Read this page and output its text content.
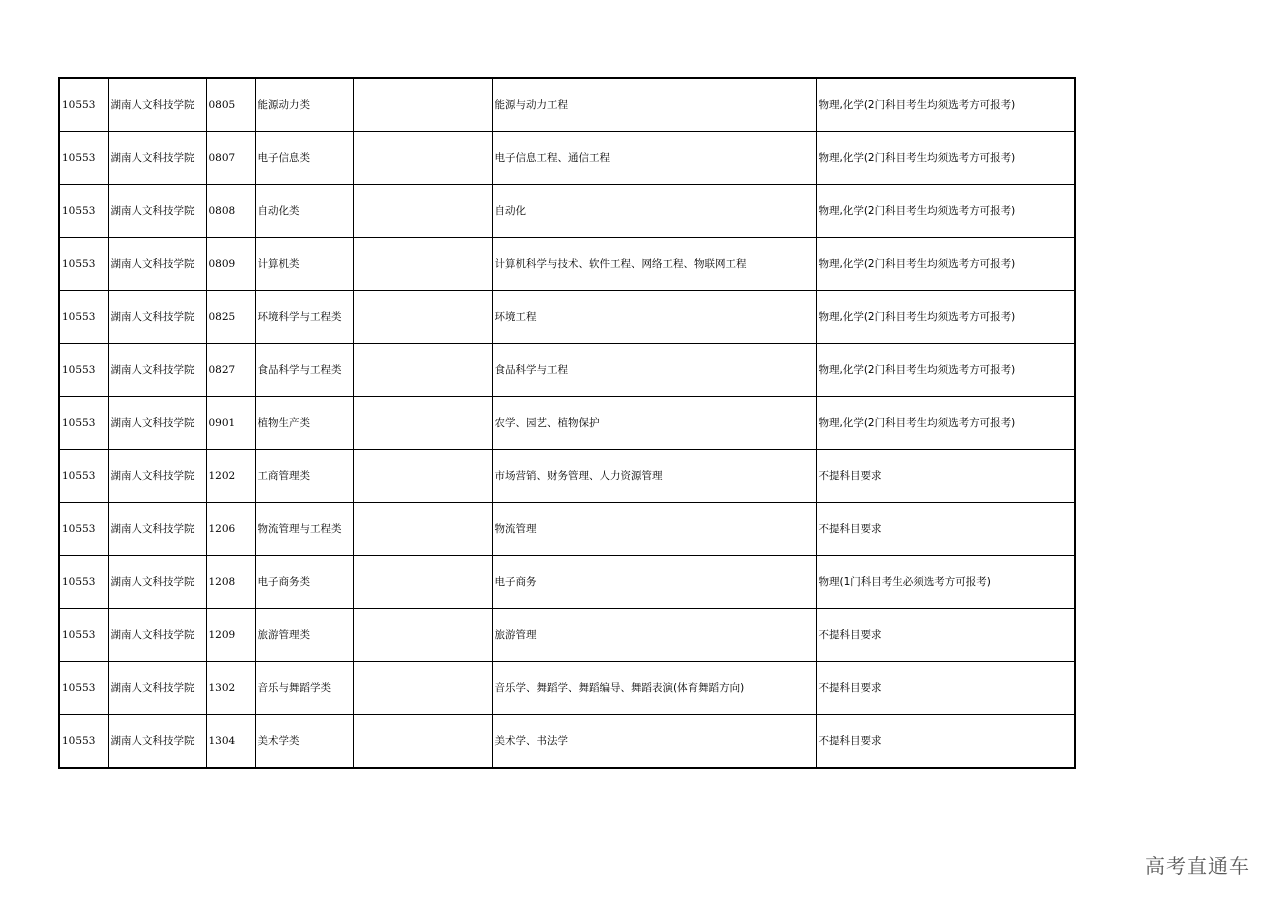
10553	湖南人文科技学院	0805	能源动力类		能源与动力工程	物理,化学(2门科目考生均须选考方可报考)
10553	湖南人文科技学院	0807	电子信息类		电子信息工程、通信工程	物理,化学(2门科目考生均须选考方可报考)
10553	湖南人文科技学院	0808	自动化类		自动化	物理,化学(2门科目考生均须选考方可报考)
10553	湖南人文科技学院	0809	计算机类		计算机科学与技术、软件工程、网络工程、物联网工程	物理,化学(2门科目考生均须选考方可报考)
10553	湖南人文科技学院	0825	环境科学与工程类		环境工程	物理,化学(2门科目考生均须选考方可报考)
10553	湖南人文科技学院	0827	食品科学与工程类		食品科学与工程	物理,化学(2门科目考生均须选考方可报考)
10553	湖南人文科技学院	0901	植物生产类		农学、园艺、植物保护	物理,化学(2门科目考生均须选考方可报考)
10553	湖南人文科技学院	1202	工商管理类		市场营销、财务管理、人力资源管理	不提科目要求
10553	湖南人文科技学院	1206	物流管理与工程类		物流管理	不提科目要求
10553	湖南人文科技学院	1208	电子商务类		电子商务	物理(1门科目考生必须选考方可报考)
10553	湖南人文科技学院	1209	旅游管理类		旅游管理	不提科目要求
10553	湖南人文科技学院	1302	音乐与舞蹈学类		音乐学、舞蹈学、舞蹈编导、舞蹈表演(体育舞蹈方向)	不提科目要求
10553	湖南人文科技学院	1304	美术学类		美术学、书法学	不提科目要求
高考直通车
